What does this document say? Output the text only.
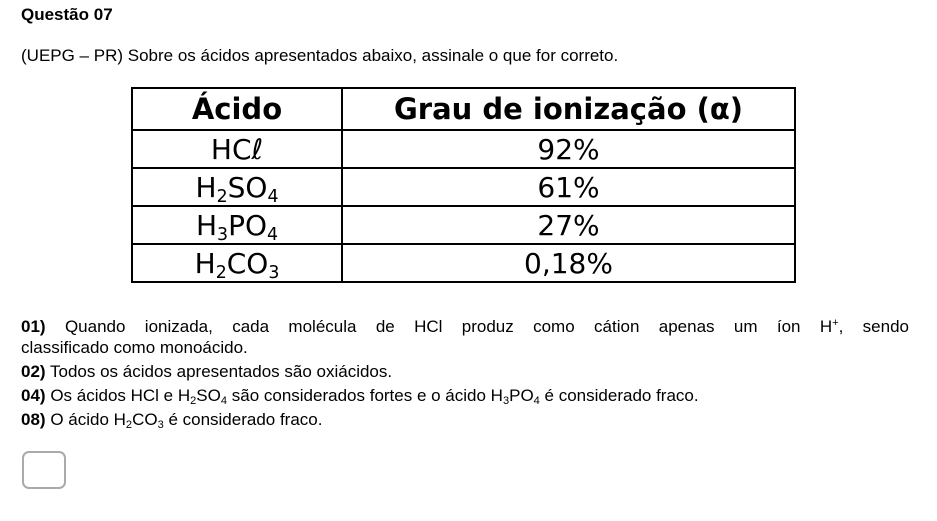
Questão 07
(UEPG – PR) Sobre os ácidos apresentados abaixo, assinale o que for correto.
Ácido	Grau de ionização (α)
HCℓ	92%
$H_2SO_4$	61%
$H_3PO_4$	27%
$H_2CO_3$	0,18%
01) Quando ionizada, cada molécula de HCl produz como cátion apenas um íon H+, sendo
classificado como monoácido.
02) Todos os ácidos apresentados são oxiácidos.
04) Os ácidos HCl e $H_2SO_4$ são considerados fortes e o ácido $H_3PO_4$ é considerado fraco.
08) O ácido $H_2CO_3$ é considerado fraco.
